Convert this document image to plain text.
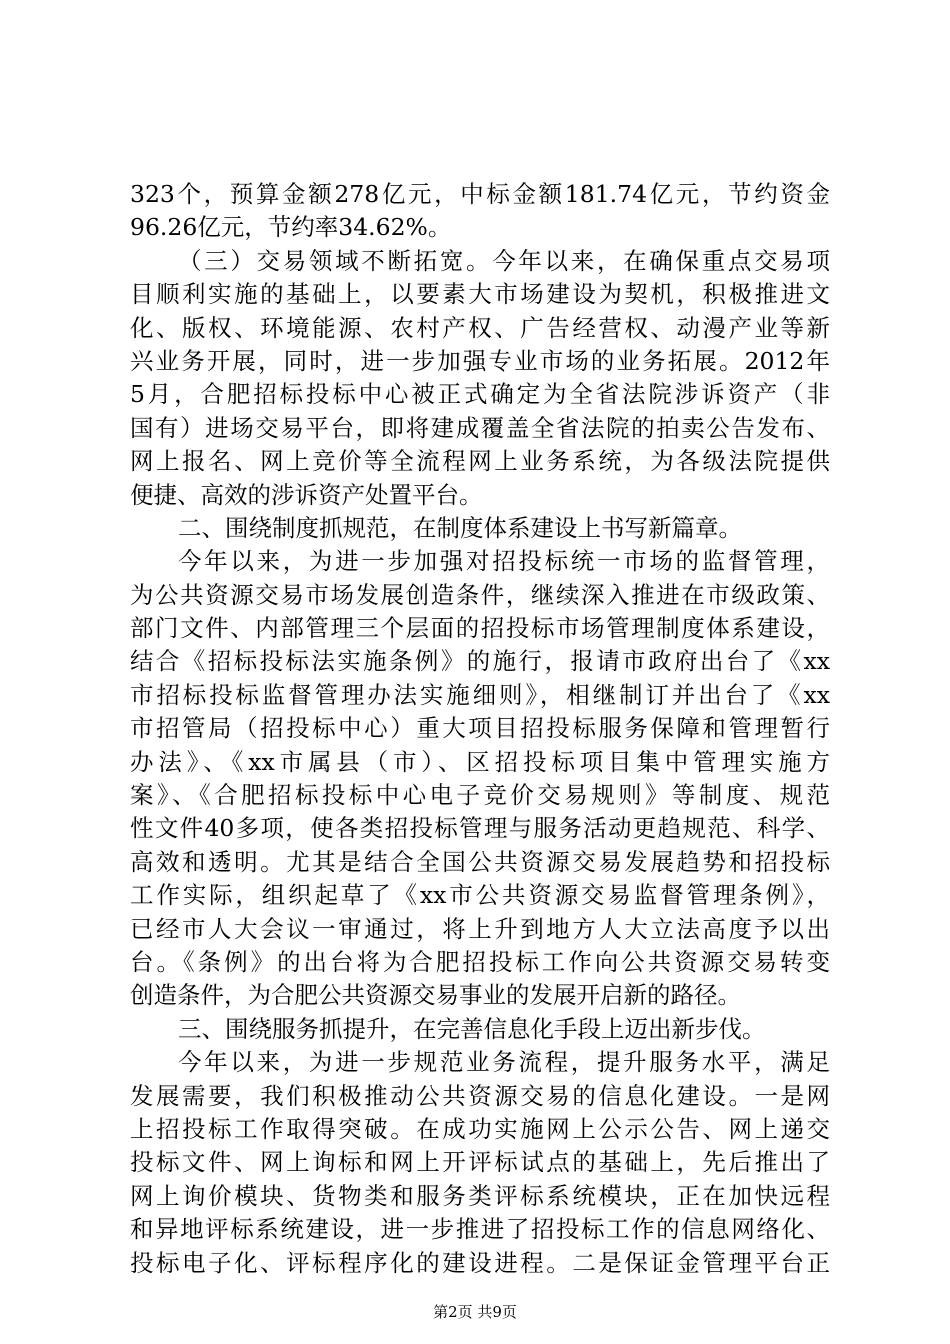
323个，预算金额278亿元，中标金额181.74亿元，节约资金
96.26亿元，节约率34.62%。
（三）交易领域不断拓宽。今年以来，在确保重点交易项
目顺利实施的基础上，以要素大市场建设为契机，积极推进文
化、版权、环境能源、农村产权、广告经营权、动漫产业等新
兴业务开展，同时，进一步加强专业市场的业务拓展。2012年
5月，合肥招标投标中心被正式确定为全省法院涉诉资产（非
国有）进场交易平台，即将建成覆盖全省法院的拍卖公告发布、
网上报名、网上竞价等全流程网上业务系统，为各级法院提供
便捷、高效的涉诉资产处置平台。
二、围绕制度抓规范，在制度体系建设上书写新篇章。
今年以来，为进一步加强对招投标统一市场的监督管理，
为公共资源交易市场发展创造条件，继续深入推进在市级政策、
部门文件、内部管理三个层面的招投标市场管理制度体系建设，
结合《招标投标法实施条例》的施行，报请市政府出台了《xx
市招标投标监督管理办法实施细则》，相继制订并出台了《xx
市招管局（招投标中心）重大项目招投标服务保障和管理暂行
办法》、《xx市属县（市）、区招投标项目集中管理实施方
案》、《合肥招标投标中心电子竞价交易规则》等制度、规范
性文件40多项，使各类招投标管理与服务活动更趋规范、科学、
高效和透明。尤其是结合全国公共资源交易发展趋势和招投标
工作实际，组织起草了《xx市公共资源交易监督管理条例》，
已经市人大会议一审通过，将上升到地方人大立法高度予以出
台。《条例》的出台将为合肥招投标工作向公共资源交易转变
创造条件，为合肥公共资源交易事业的发展开启新的路径。
三、围绕服务抓提升，在完善信息化手段上迈出新步伐。
今年以来，为进一步规范业务流程，提升服务水平，满足
发展需要，我们积极推动公共资源交易的信息化建设。一是网
上招投标工作取得突破。在成功实施网上公示公告、网上递交
投标文件、网上询标和网上开评标试点的基础上，先后推出了
网上询价模块、货物类和服务类评标系统模块，正在加快远程
和异地评标系统建设，进一步推进了招投标工作的信息网络化、
投标电子化、评标程序化的建设进程。二是保证金管理平台正
第2页 共9页
